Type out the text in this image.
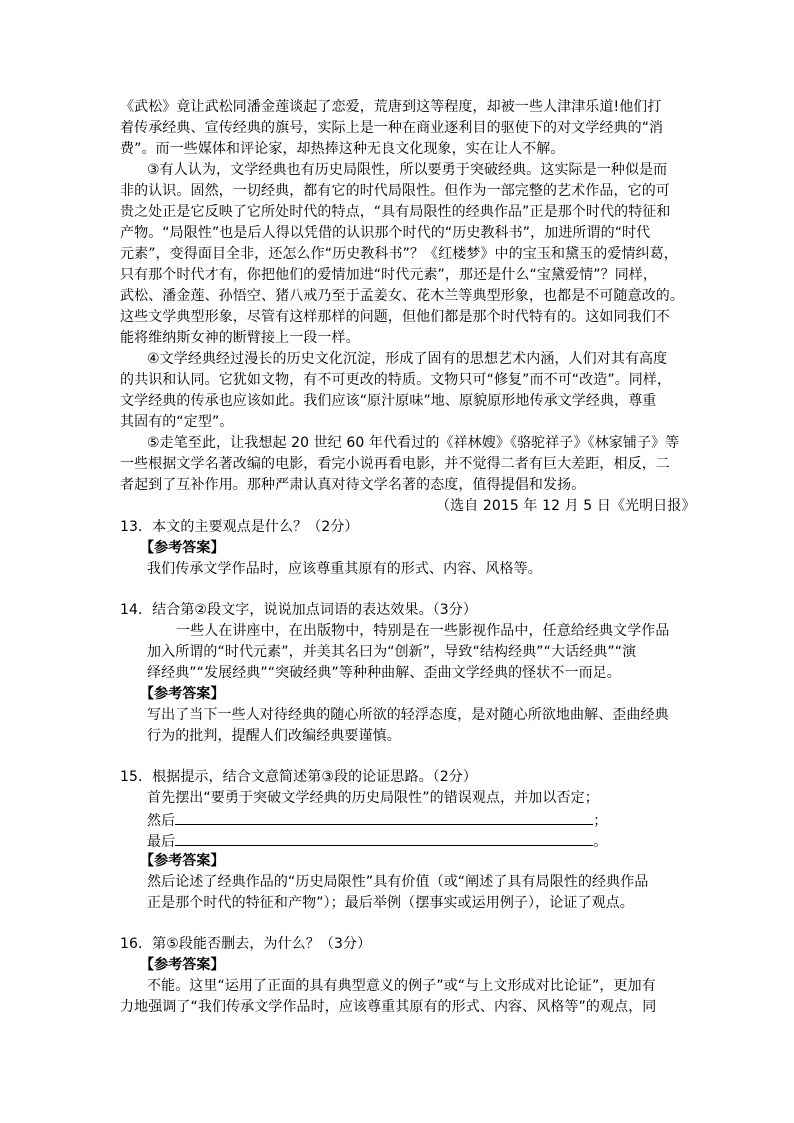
《武松》竟让武松同潘金莲谈起了恋爱，荒唐到这等程度，却被一些人津津乐道!他们打
着传承经典、宣传经典的旗号，实际上是一种在商业逐利目的驱使下的对文学经典的“消
费”。而一些媒体和评论家，却热捧这种无良文化现象，实在让人不解。
③有人认为，文学经典也有历史局限性，所以要勇于突破经典。这实际是一种似是而
非的认识。固然，一切经典，都有它的时代局限性。但作为一部完整的艺术作品，它的可
贵之处正是它反映了它所处时代的特点，“具有局限性的经典作品”正是那个时代的特征和
产物。“局限性”也是后人得以凭借的认识那个时代的“历史教科书”，加进所谓的“时代
元素”，变得面目全非，还怎么作“历史教科书”？《红楼梦》中的宝玉和黛玉的爱情纠葛，
只有那个时代才有，你把他们的爱情加进“时代元素”，那还是什么“宝黛爱情”？同样，
武松、潘金莲、孙悟空、猪八戒乃至于孟姜女、花木兰等典型形象，也都是不可随意改的。
这些文学典型形象，尽管有这样那样的问题，但他们都是那个时代特有的。这如同我们不
能将维纳斯女神的断臂接上一段一样。
④文学经典经过漫长的历史文化沉淀，形成了固有的思想艺术内涵，人们对其有高度
的共识和认同。它犹如文物，有不可更改的特质。文物只可“修复”而不可“改造”。同样，
文学经典的传承也应该如此。我们应该“原汁原味”地、原貌原形地传承文学经典，尊重
其固有的“定型”。
⑤走笔至此，让我想起 20 世纪 60 年代看过的《祥林嫂》《骆驼祥子》《林家铺子》等
一些根据文学名著改编的电影，看完小说再看电影，并不觉得二者有巨大差距，相反，二
者起到了互补作用。那种严肃认真对待文学名著的态度，值得提倡和发扬。
（选自 2015 年 12 月 5 日《光明日报》
13．本文的主要观点是什么？（2分）
【参考答案】
我们传承文学作品时，应该尊重其原有的形式、内容、风格等。
14．结合第②段文字，说说加点词语的表达效果。（3分）
一些人在讲座中，在出版物中，特别是在一些影视作品中，任意给经典文学作品
加入所谓的“时代元素”，并美其名曰为“创新”，导致“结构经典”“大话经典”“演
绎经典”“发展经典”“突破经典”等种种曲解、歪曲文学经典的怪状不一而足。
【参考答案】
写出了当下一些人对待经典的随心所欲的轻浮态度，是对随心所欲地曲解、歪曲经典
行为的批判，提醒人们改编经典要谨慎。
15．根据提示，结合文意简述第③段的论证思路。（2分）
首先摆出“要勇于突破文学经典的历史局限性”的错误观点，并加以否定；
然后	；
最后	。
【参考答案】
然后论述了经典作品的“历史局限性”具有价值（或“阐述了具有局限性的经典作品
正是那个时代的特征和产物”）；最后举例（摆事实或运用例子），论证了观点。
16．第⑤段能否删去，为什么？（3分）
【参考答案】
不能。这里“运用了正面的具有典型意义的例子”或“与上文形成对比论证”，更加有
力地强调了“我们传承文学作品时，应该尊重其原有的形式、内容、风格等”的观点，同
